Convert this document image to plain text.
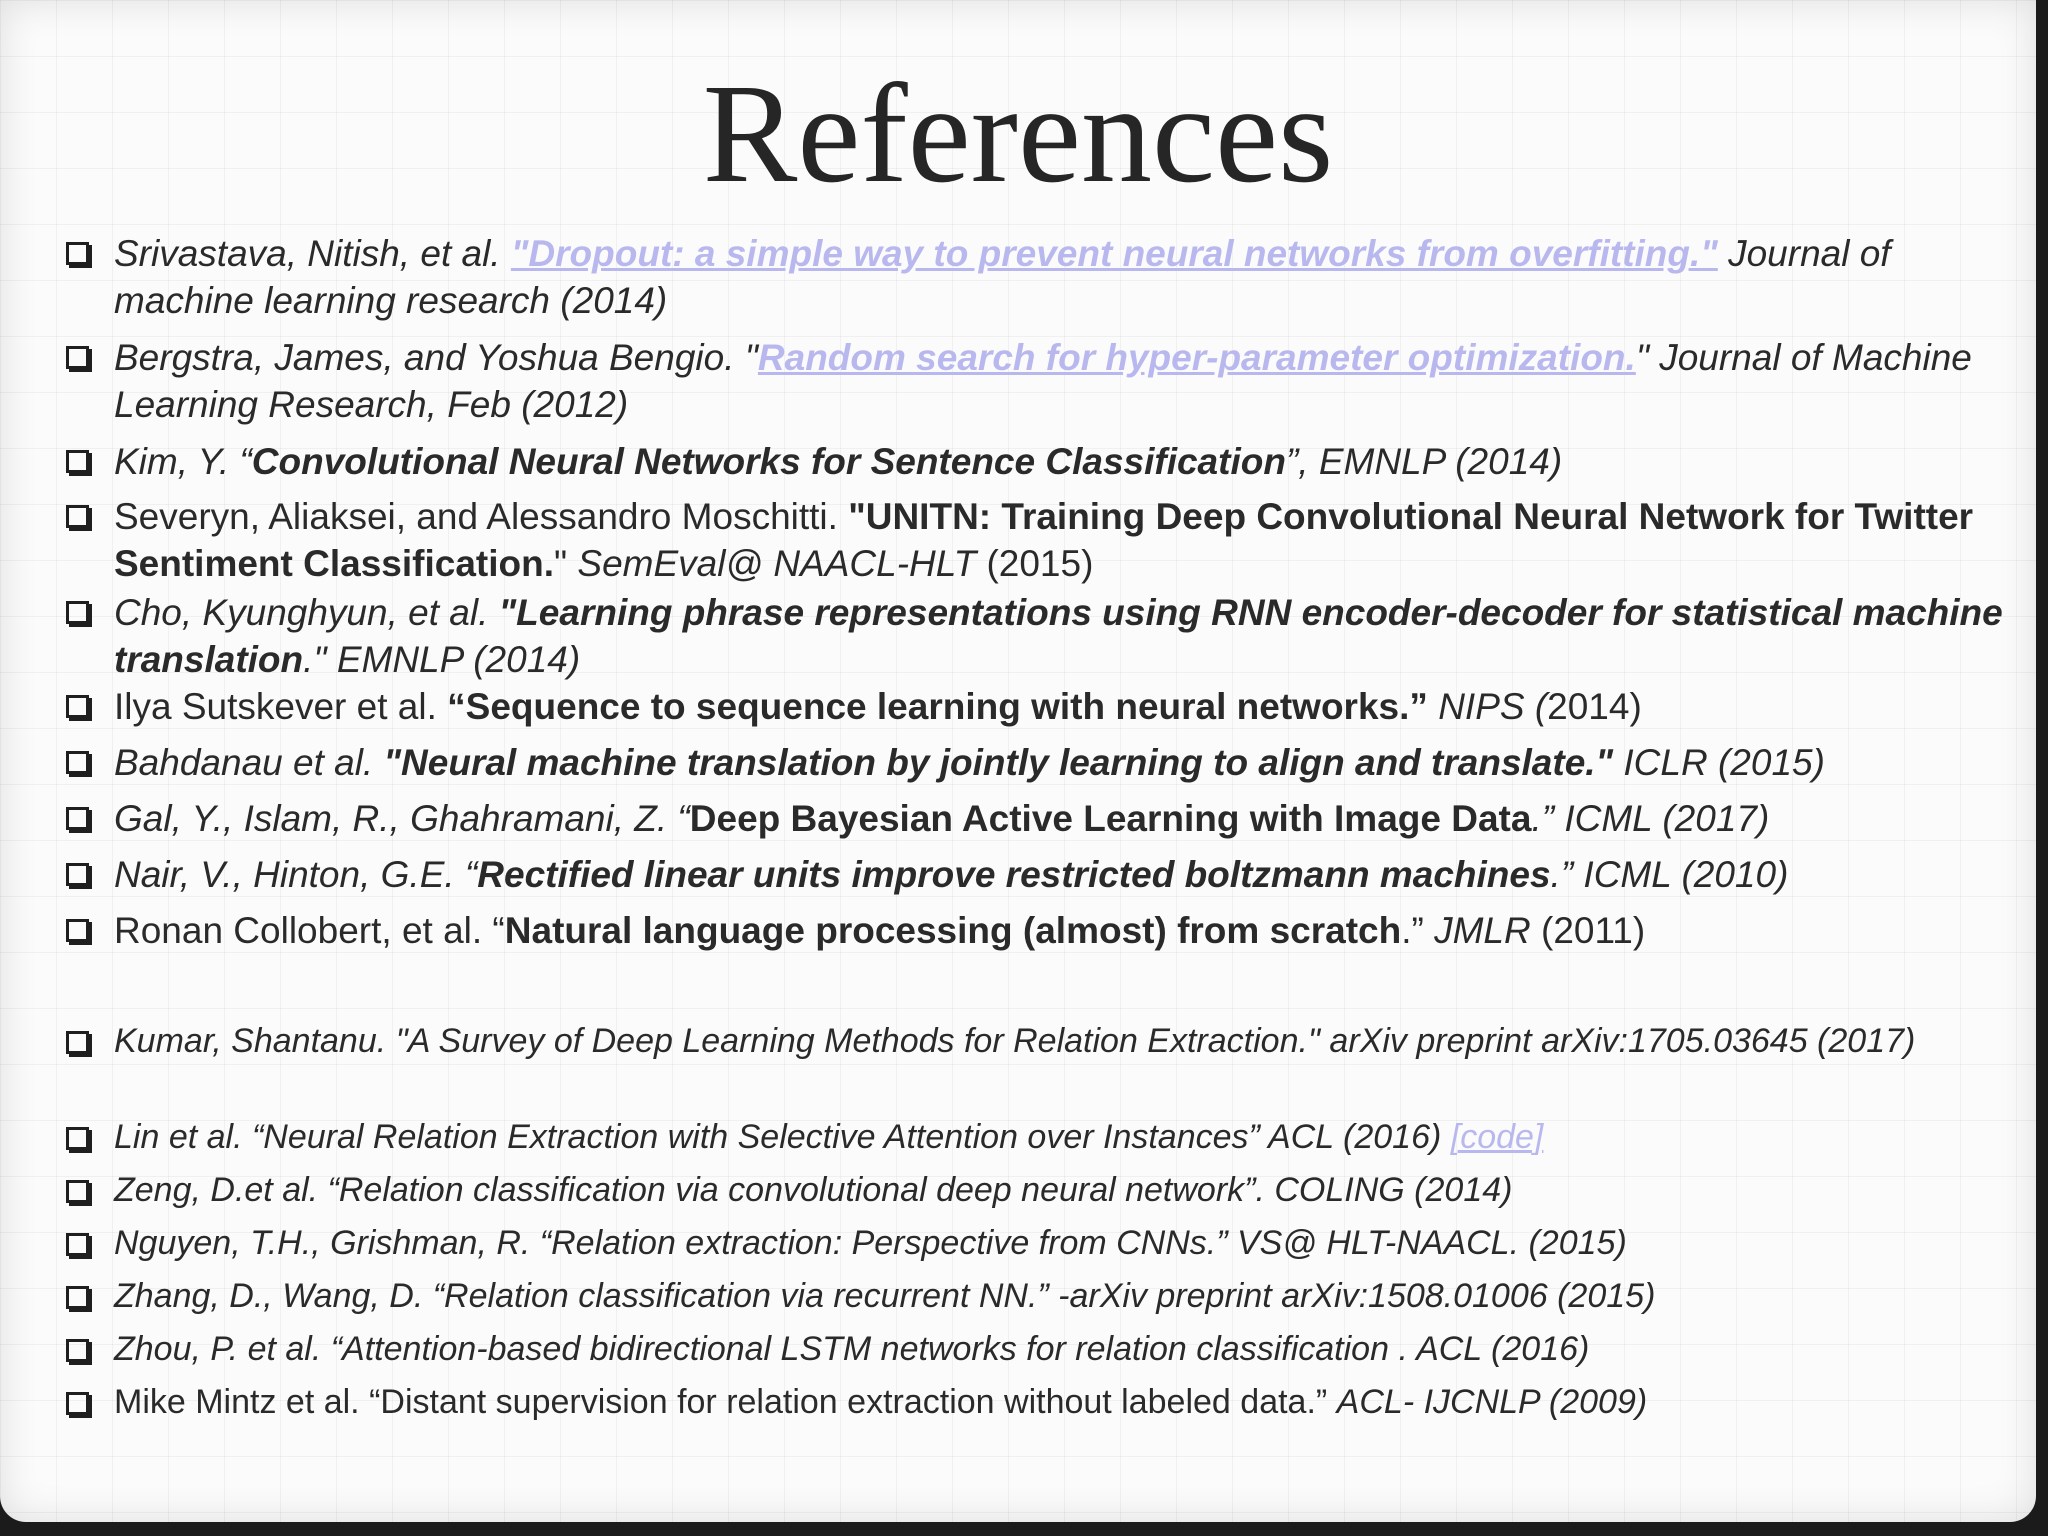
References
Srivastava, Nitish, et al. "Dropout: a simple way to prevent neural networks from overfitting." Journal of machine learning research (2014)
Bergstra, James, and Yoshua Bengio. "Random search for hyper-parameter optimization." Journal of Machine Learning Research, Feb (2012)
Kim, Y. “Convolutional Neural Networks for Sentence Classification”, EMNLP (2014)
Severyn, Aliaksei, and Alessandro Moschitti. "UNITN: Training Deep Convolutional Neural Network for Twitter Sentiment Classification." SemEval@ NAACL-HLT (2015)
Cho, Kyunghyun, et al. "Learning phrase representations using RNN encoder-decoder for statistical machine translation." EMNLP (2014)
Ilya Sutskever et al. “Sequence to sequence learning with neural networks.” NIPS (2014)
Bahdanau et al. "Neural machine translation by jointly learning to align and translate." ICLR (2015)
Gal, Y., Islam, R., Ghahramani, Z. “Deep Bayesian Active Learning with Image Data.” ICML (2017)
Nair, V., Hinton, G.E. “Rectified linear units improve restricted boltzmann machines.” ICML (2010)
Ronan Collobert, et al. “Natural language processing (almost) from scratch.” JMLR (2011)
Kumar, Shantanu. "A Survey of Deep Learning Methods for Relation Extraction." arXiv preprint arXiv:1705.03645 (2017)
Lin et al. “Neural Relation Extraction with Selective Attention over Instances” ACL (2016) [code]
Zeng, D.et al. “Relation classification via convolutional deep neural network”. COLING (2014)
Nguyen, T.H., Grishman, R. “Relation extraction: Perspective from CNNs.” VS@ HLT-NAACL. (2015)
Zhang, D., Wang, D. “Relation classification via recurrent NN.” -arXiv preprint arXiv:1508.01006 (2015)
Zhou, P. et al. “Attention-based bidirectional LSTM networks for relation classification . ACL (2016)
Mike Mintz et al. “Distant supervision for relation extraction without labeled data.” ACL- IJCNLP (2009)
